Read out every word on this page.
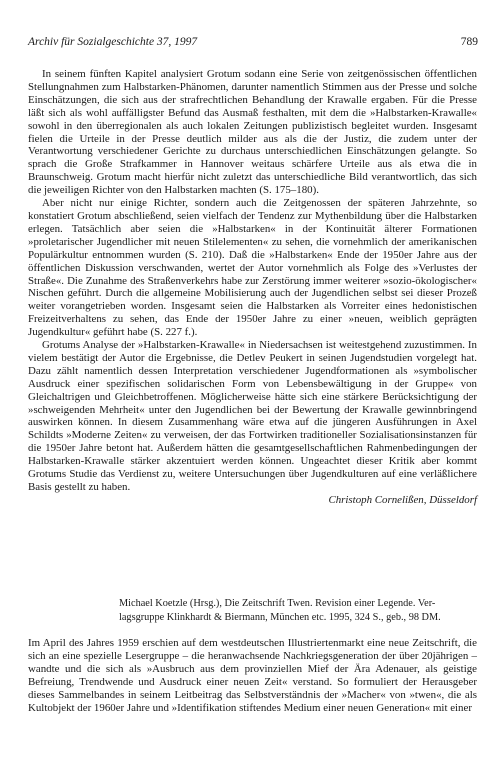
Archiv für Sozialgeschichte 37, 1997	789

In seinem fünften Kapitel analysiert Grotum sodann eine Serie von zeitgenössischen öffentlichen Stellungnahmen zum Halbstarken-Phänomen, darunter namentlich Stimmen aus der Presse und solche Einschätzungen, die sich aus der strafrechtlichen Behandlung der Krawalle ergaben. Für die Presse läßt sich als wohl auffälligster Befund das Ausmaß festhalten, mit dem die »Halbstarken-Krawalle« sowohl in den überregionalen als auch lokalen Zeitungen publizistisch begleitet wurden. Insgesamt fielen die Urteile in der Presse deutlich milder aus als die der Justiz, die zudem unter der Verantwortung verschiedener Gerichte zu durchaus unterschiedlichen Einschätzungen gelangte. So sprach die Große Strafkammer in Hannover weitaus schärfere Urteile aus als etwa die in Braunschweig. Grotum macht hierfür nicht zuletzt das unterschiedliche Bild verantwortlich, das sich die jeweiligen Richter von den Halbstarken machten (S. 175–180).

Aber nicht nur einige Richter, sondern auch die Zeitgenossen der späteren Jahrzehnte, so konstatiert Grotum abschließend, seien vielfach der Tendenz zur Mythenbildung über die Halbstarken erlegen. Tatsächlich aber seien die »Halbstarken« in der Kontinuität älterer Formationen »proletarischer Jugendlicher mit neuen Stilelementen« zu sehen, die vornehmlich der amerikanischen Populärkultur entnommen wurden (S. 210). Daß die »Halbstarken« Ende der 1950er Jahre aus der öffentlichen Diskussion verschwanden, wertet der Autor vornehmlich als Folge des »Verlustes der Straße«. Die Zunahme des Straßenverkehrs habe zur Zerstörung immer weiterer »sozio-ökologischer« Nischen geführt. Durch die allgemeine Mobilisierung auch der Jugendlichen selbst sei dieser Prozeß weiter vorangetrieben worden. Insgesamt seien die Halbstarken als Vorreiter eines hedonistischen Freizeitverhaltens zu sehen, das Ende der 1950er Jahre zu einer »neuen, weiblich geprägten Jugendkultur« geführt habe (S. 227 f.).

Grotums Analyse der »Halbstarken-Krawalle« in Niedersachsen ist weitestgehend zuzustimmen. In vielem bestätigt der Autor die Ergebnisse, die Detlev Peukert in seinen Jugendstudien vorgelegt hat. Dazu zählt namentlich dessen Interpretation verschiedener Jugendformationen als »symbolischer Ausdruck einer spezifischen solidarischen Form von Lebensbewältigung in der Gruppe« von Gleichaltrigen und Gleichbetroffenen. Möglicherweise hätte sich eine stärkere Berücksichtigung der »schweigenden Mehrheit« unter den Jugendlichen bei der Bewertung der Krawalle gewinnbringend auswirken können. In diesem Zusammenhang wäre etwa auf die jüngeren Ausführungen in Axel Schildts »Moderne Zeiten« zu verweisen, der das Fortwirken traditioneller Sozialisationsinstanzen für die 1950er Jahre betont hat. Außerdem hätten die gesamtgesellschaftlichen Rahmenbedingungen der Halbstarken-Krawalle stärker akzentuiert werden können. Ungeachtet dieser Kritik aber kommt Grotums Studie das Verdienst zu, weitere Untersuchungen über Jugendkulturen auf eine verläßlichere Basis gestellt zu haben.

Christoph Cornelißen, Düsseldorf

Michael Koetzle (Hrsg.), Die Zeitschrift Twen. Revision einer Legende. Ver-
lagsgruppe Klinkhardt & Biermann, München etc. 1995, 324 S., geb., 98 DM.

Im April des Jahres 1959 erschien auf dem westdeutschen Illustriertenmarkt eine neue Zeitschrift, die sich an eine spezielle Lesergruppe – die heranwachsende Nachkriegsgeneration der über 20jährigen – wandte und die sich als »Ausbruch aus dem provinziellen Mief der Ära Adenauer, als geistige Befreiung, Trendwende und Ausdruck einer neuen Zeit« verstand. So formuliert der Herausgeber dieses Sammelbandes in seinem Leitbeitrag das Selbstverständnis der »Macher« von »twen«, die als Kultobjekt der 1960er Jahre und »Identifikation stiftendes Medium einer neuen Generation« mit einer
